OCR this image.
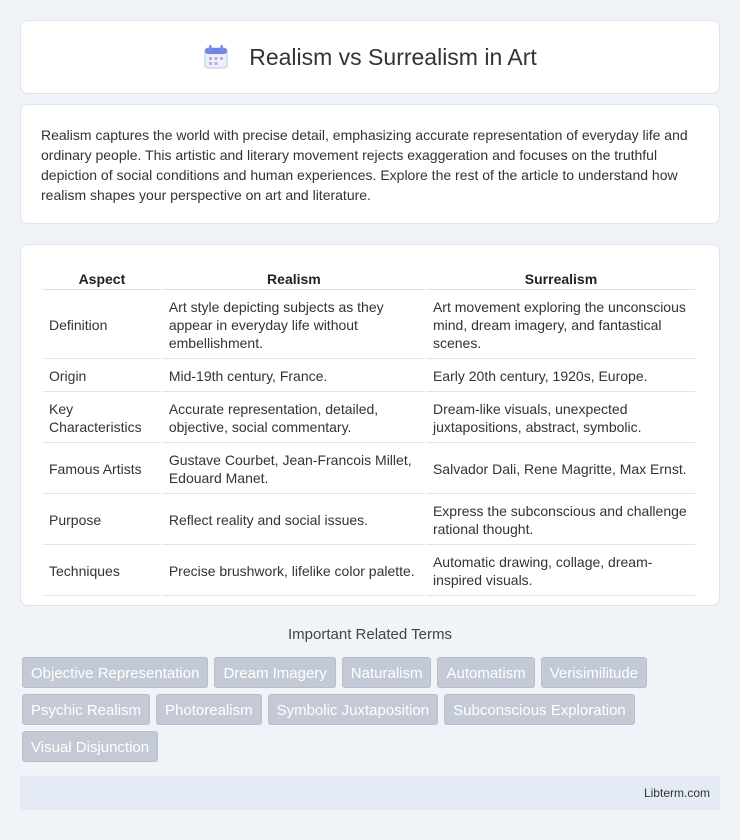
Realism vs Surrealism in Art

Realism captures the world with precise detail, emphasizing accurate representation of everyday life and ordinary people. This artistic and literary movement rejects exaggeration and focuses on the truthful depiction of social conditions and human experiences. Explore the rest of the article to understand how realism shapes your perspective on art and literature.

Aspect	Realism	Surrealism
Definition	Art style depicting subjects as they appear in everyday life without embellishment.	Art movement exploring the unconscious mind, dream imagery, and fantastical scenes.
Origin	Mid-19th century, France.	Early 20th century, 1920s, Europe.
Key Characteristics	Accurate representation, detailed, objective, social commentary.	Dream-like visuals, unexpected juxtapositions, abstract, symbolic.
Famous Artists	Gustave Courbet, Jean-Francois Millet, Edouard Manet.	Salvador Dali, Rene Magritte, Max Ernst.
Purpose	Reflect reality and social issues.	Express the subconscious and challenge rational thought.
Techniques	Precise brushwork, lifelike color palette.	Automatic drawing, collage, dream-inspired visuals.
Important Related Terms
Objective Representation	Dream Imagery	Naturalism	Automatism	Verisimilitude
Psychic Realism	Photorealism	Symbolic Juxtaposition	Subconscious Exploration
Visual Disjunction
Libterm.com
